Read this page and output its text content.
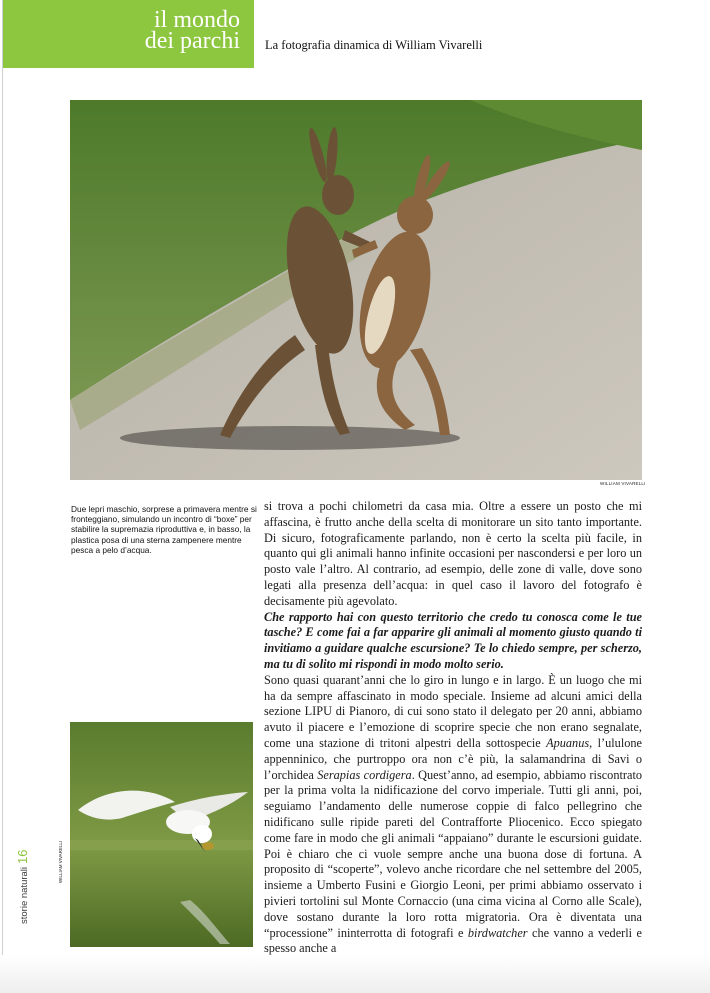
il mondo
dei parchi La fotografia dinamica di William Vivarelli
WILLIAM VIVARELLI
Due lepri maschio, sorprese a primavera mentre si fronteggiano, simulando un incontro di “boxe” per stabilire la supremazia riproduttiva e, in basso, la plastica posa di una sterna zampenere mentre pesca a pelo d’acqua.
WILLIAM VIVARELLI
storie naturali16

si trova a pochi chilometri da casa mia. Oltre a essere un posto che mi affascina, è frutto anche della scelta di monitorare un sito tanto importante. Di sicuro, fotograficamente parlando, non è certo la scelta più facile, in quanto qui gli animali hanno infinite occasioni per nascondersi e per loro un posto vale l’altro. Al contrario, ad esempio, delle zone di valle, dove sono legati alla presenza dell’acqua: in quel caso il lavoro del fotografo è decisamente più agevolato.

Che rapporto hai con questo territorio che credo tu conosca come le tue tasche? E come fai a far apparire gli animali al momento giusto quando ti invitiamo a guidare qualche escursione? Te lo chiedo sempre, per scherzo, ma tu di solito mi rispondi in modo molto serio.

Sono quasi quarant’anni che lo giro in lungo e in largo. È un luogo che mi ha da sempre affascinato in modo speciale. Insieme ad alcuni amici della sezione LIPU di Pianoro, di cui sono stato il delegato per 20 anni, abbiamo avuto il piacere e l’emozione di scoprire specie che non erano segnalate, come una stazione di tritoni alpestri della sottospecie Apuanus, l’ululone appenninico, che purtroppo ora non c’è più, la salamandrina di Savi o l’orchidea Serapias cordigera. Quest’anno, ad esempio, abbiamo riscontrato per la prima volta la nidificazione del corvo imperiale. Tutti gli anni, poi, seguiamo l’andamento delle numerose coppie di falco pellegrino che nidificano sulle ripide pareti del Contrafforte Pliocenico. Ecco spiegato come fare in modo che gli animali “appaiano” durante le escursioni guidate. Poi è chiaro che ci vuole sempre anche una buona dose di fortuna. A proposito di “scoperte”, volevo anche ricordare che nel settembre del 2005, insieme a Umberto Fusini e Giorgio Leoni, per primi abbiamo osservato i pivieri tortolini sul Monte Cornaccio (una cima vicina al Corno alle Scale), dove sostano durante la loro rotta migratoria. Ora è diventata una “processione” ininterrotta di fotografi e birdwatcher che vanno a vederli e spesso anche a
